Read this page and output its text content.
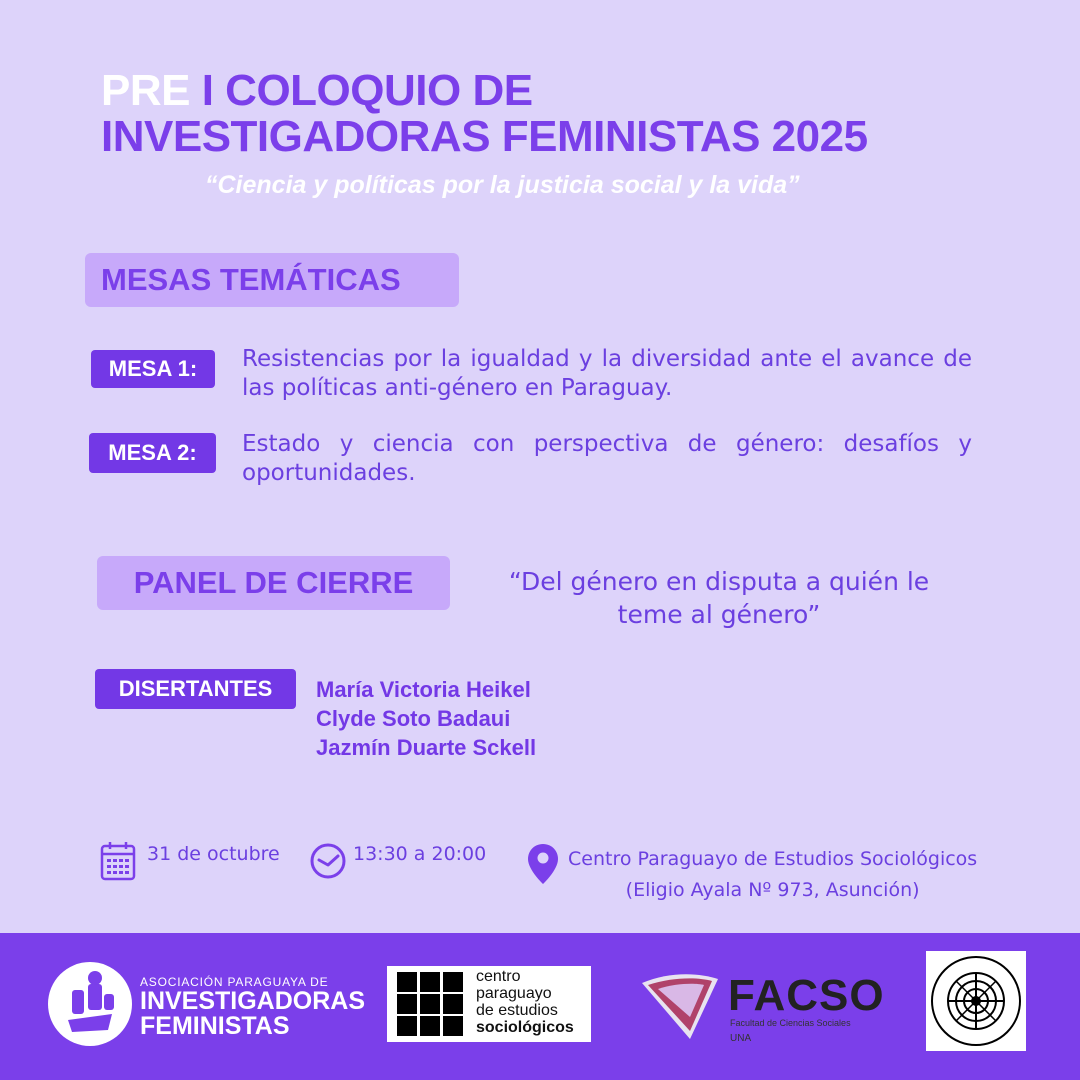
PRE I COLOQUIO DE
INVESTIGADORAS FEMINISTAS 2025
“Ciencia y políticas por la justicia social y la vida”
MESAS TEMÁTICAS
MESA 1:	Resistencias por la igualdad y la diversidad ante el avance de las políticas anti-género en Paraguay.
MESA 2:	Estado y ciencia con perspectiva de género: desafíos y oportunidades.
PANEL DE CIERRE	“Del género en disputa a quién le
teme al género”
DISERTANTES	María Victoria Heikel
Clyde Soto Badaui
Jazmín Duarte Sckell
31 de octubre	13:30 a 20:00	Centro Paraguayo de Estudios Sociológicos
(Eligio Ayala Nº 973, Asunción)
ASOCIACIÓN PARAGUAYA DE
INVESTIGADORAS
FEMINISTAS
centro
paraguayo
de estudios
sociológicos
FACSO
Facultad de Ciencias Sociales
UNA
